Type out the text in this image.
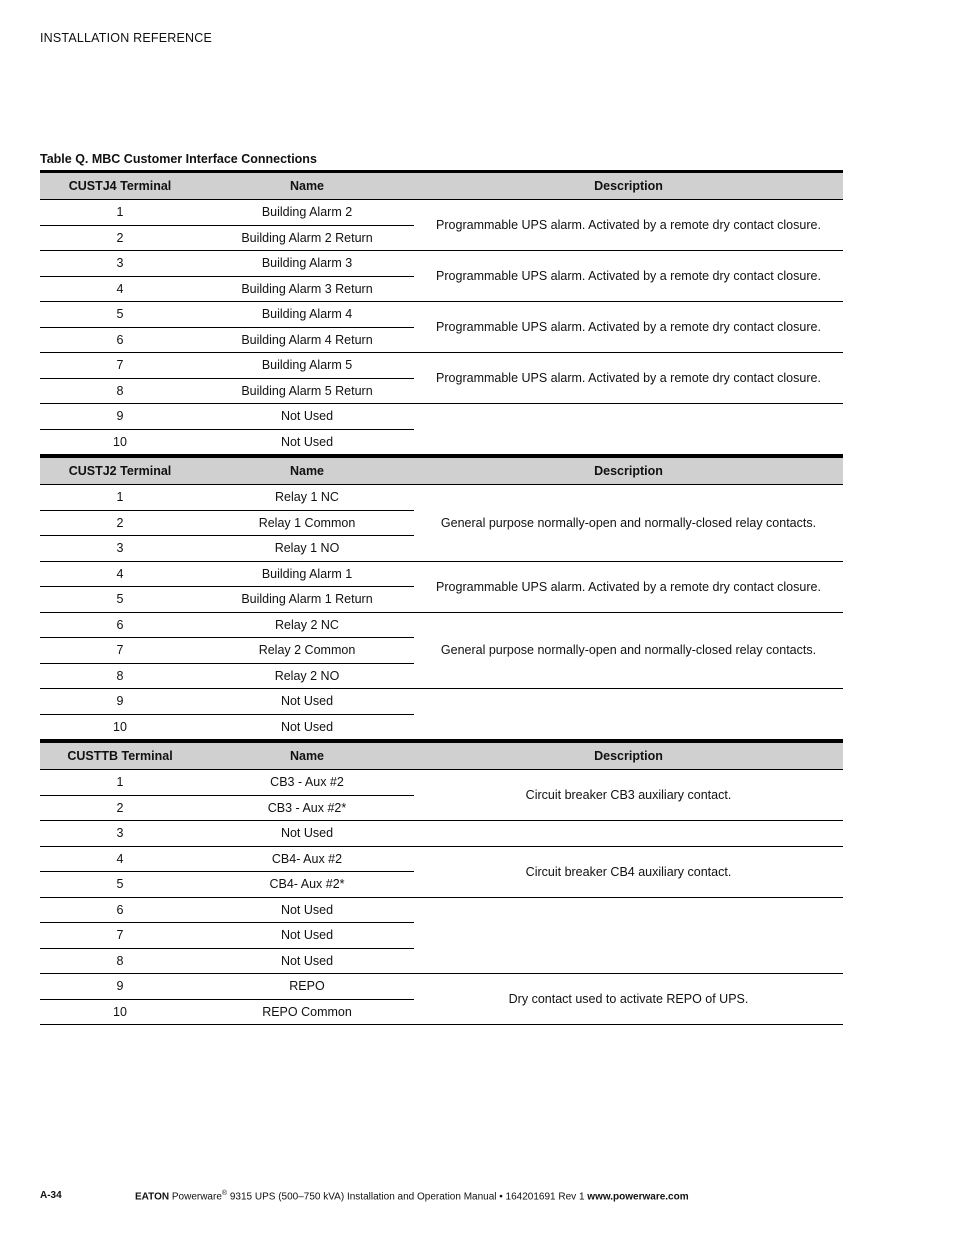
INSTALLATION REFERENCE
Table Q. MBC Customer Interface Connections
CUSTJ4 Terminal	Name	Description
1	Building Alarm 2	Programmable UPS alarm. Activated by a remote dry contact closure.
2	Building Alarm 2 Return	
3	Building Alarm 3	Programmable UPS alarm. Activated by a remote dry contact closure.
4	Building Alarm 3 Return	
5	Building Alarm 4	Programmable UPS alarm. Activated by a remote dry contact closure.
6	Building Alarm 4 Return	
7	Building Alarm 5	Programmable UPS alarm. Activated by a remote dry contact closure.
8	Building Alarm 5 Return	
9	Not Used	
10	Not Used	
CUSTJ2 Terminal	Name	Description
1	Relay 1 NC	General purpose normally-open and normally-closed relay contacts.
2	Relay 1 Common	
3	Relay 1 NO	
4	Building Alarm 1	Programmable UPS alarm. Activated by a remote dry contact closure.
5	Building Alarm 1 Return	
6	Relay 2 NC	General purpose normally-open and normally-closed relay contacts.
7	Relay 2 Common	
8	Relay 2 NO	
9	Not Used	
10	Not Used	
CUSTTB Terminal	Name	Description
1	CB3 - Aux #2	Circuit breaker CB3 auxiliary contact.
2	CB3 - Aux #2*	
3	Not Used	
4	CB4- Aux #2	Circuit breaker CB4 auxiliary contact.
5	CB4- Aux #2*	
6	Not Used	
7	Not Used	
8	Not Used	
9	REPO	Dry contact used to activate REPO of UPS.
10	REPO Common	
A-34	EATON Powerware® 9315 UPS (500–750 kVA) Installation and Operation Manual • 164201691 Rev 1 www.powerware.com
